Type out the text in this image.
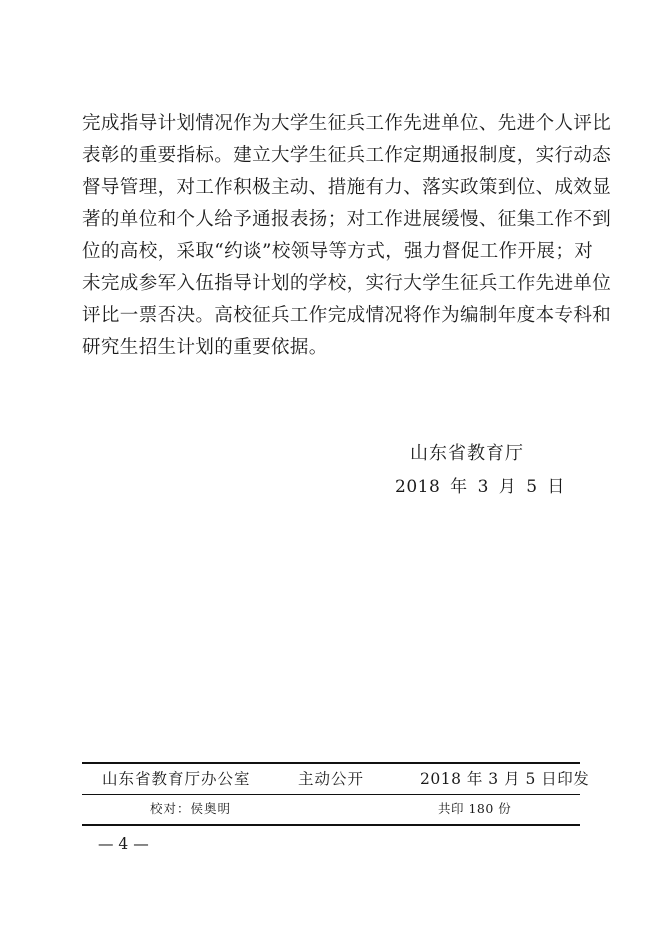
完成指导计划情况作为大学生征兵工作先进单位、先进个人评比
表彰的重要指标。建立大学生征兵工作定期通报制度，实行动态
督导管理，对工作积极主动、措施有力、落实政策到位、成效显
著的单位和个人给予通报表扬；对工作进展缓慢、征集工作不到
位的高校，采取“约谈”校领导等方式，强力督促工作开展；对
未完成参军入伍指导计划的学校，实行大学生征兵工作先进单位
评比一票否决。高校征兵工作完成情况将作为编制年度本专科和
研究生招生计划的重要依据。
山东省教育厅
2018 年 3 月 5 日
山东省教育厅办公室	主动公开	2018 年 3 月 5 日印发
校对：侯奥明	共印 180 份
— 4 —
